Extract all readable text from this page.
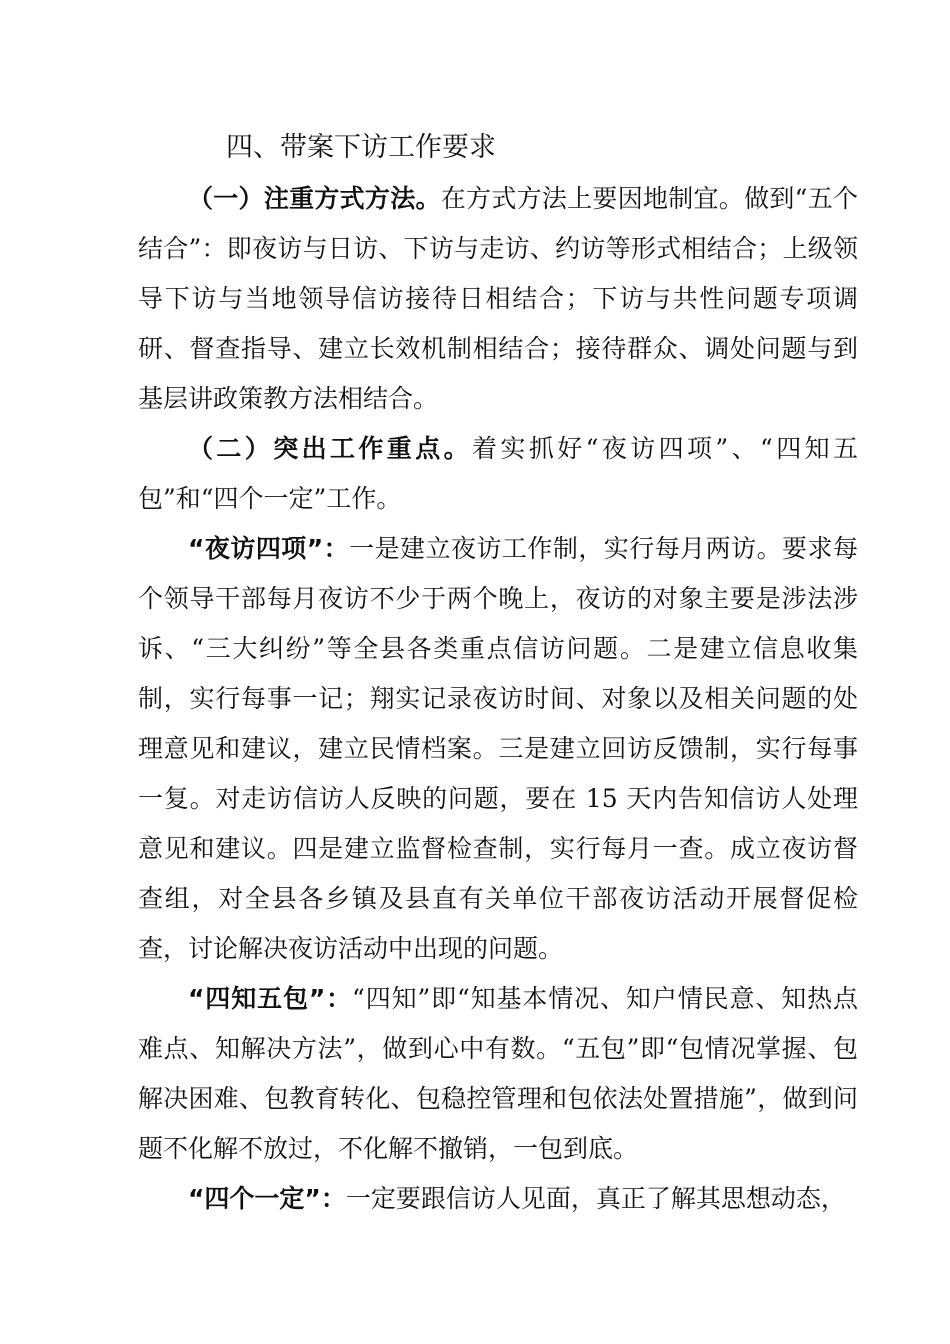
四、带案下访工作要求

（一）注重方式方法。在方式方法上要因地制宜。做到“五个结合”：即夜访与日访、下访与走访、约访等形式相结合；上级领导下访与当地领导信访接待日相结合；下访与共性问题专项调研、督查指导、建立长效机制相结合；接待群众、调处问题与到基层讲政策教方法相结合。

（二）突出工作重点。着实抓好“夜访四项”、“四知五包”和“四个一定”工作。

“夜访四项”：一是建立夜访工作制，实行每月两访。要求每个领导干部每月夜访不少于两个晚上，夜访的对象主要是涉法涉诉、“三大纠纷”等全县各类重点信访问题。二是建立信息收集制，实行每事一记；翔实记录夜访时间、对象以及相关问题的处理意见和建议，建立民情档案。三是建立回访反馈制，实行每事一复。对走访信访人反映的问题，要在 15 天内告知信访人处理意见和建议。四是建立监督检查制，实行每月一查。成立夜访督查组，对全县各乡镇及县直有关单位干部夜访活动开展督促检查，讨论解决夜访活动中出现的问题。

“四知五包”：“四知”即“知基本情况、知户情民意、知热点难点、知解决方法”，做到心中有数。“五包”即“包情况掌握、包解决困难、包教育转化、包稳控管理和包依法处置措施”，做到问题不化解不放过，不化解不撤销，一包到底。

“四个一定”：一定要跟信访人见面，真正了解其思想动态，
